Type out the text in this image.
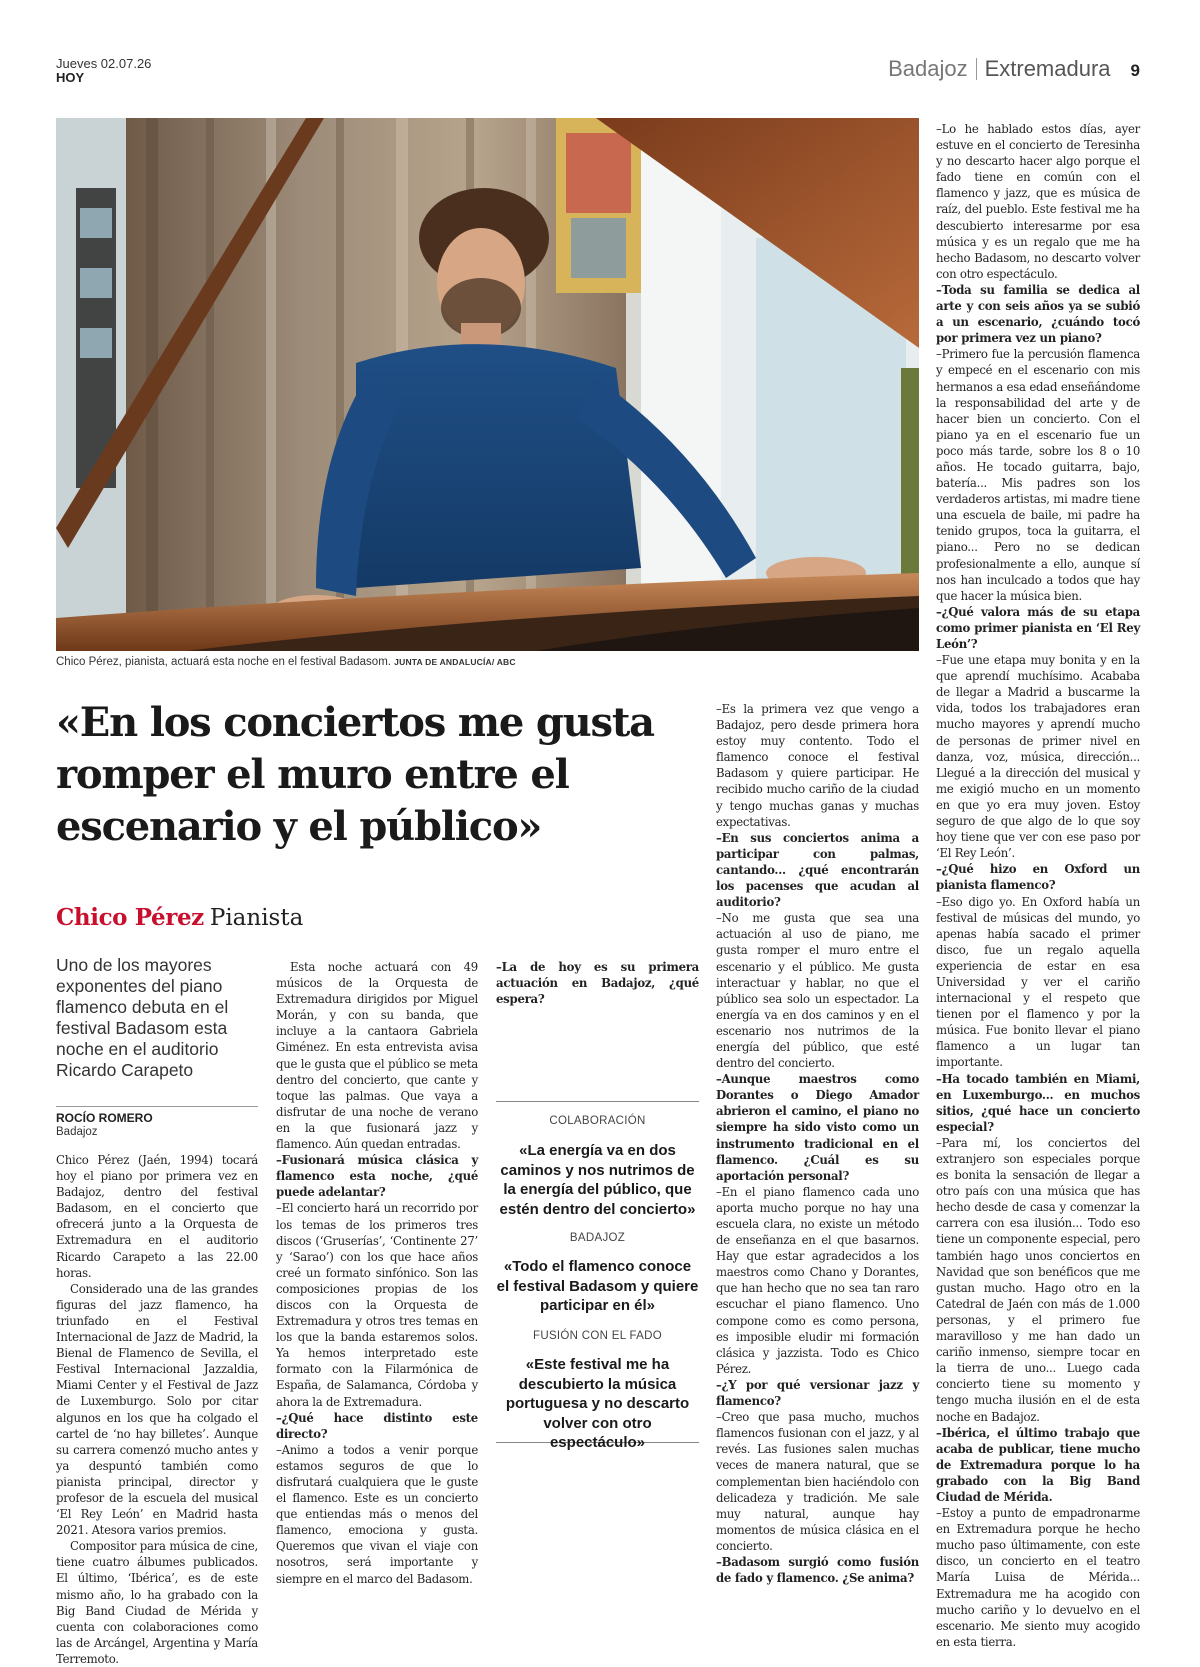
Jueves 02.07.26
HOY	Badajoz Extremadura 9
Chico Pérez, pianista, actuará esta noche en el festival Badasom. JUNTA DE ANDALUCÍA/ ABC
«En los conciertos me gusta romper el muro entre el escenario y el público»
Chico Pérez Pianista

Uno de los mayores exponentes del piano flamenco debuta en el festival Badasom esta noche en el auditorio Ricardo Carapeto

ROCÍO ROMERO
Badajoz

Chico Pérez (Jaén, 1994) tocará hoy el piano por primera vez en Badajoz, dentro del festival Badasom, en el concierto que ofrecerá junto a la Orquesta de Extremadura en el auditorio Ricardo Carapeto a las 22.00 horas.

Considerado una de las grandes figuras del jazz flamenco, ha triunfado en el Festival Internacional de Jazz de Madrid, la Bienal de Flamenco de Sevilla, el Festival Internacional Jazzaldia, Miami Center y el Festival de Jazz de Luxemburgo. Solo por citar algunos en los que ha colgado el cartel de ‘no hay billetes’. Aunque su carrera comenzó mucho antes y ya despuntó también como pianista principal, director y profesor de la escuela del musical ‘El Rey León’ en Madrid hasta 2021. Atesora varios premios.

Compositor para música de cine, tiene cuatro álbumes publicados. El último, ‘Ibérica’, es de este mismo año, lo ha grabado con la Big Band Ciudad de Mérida y cuenta con colaboraciones como las de Arcángel, Argentina y María Terremoto.

Esta noche actuará con 49 músicos de la Orquesta de Extremadura dirigidos por Miguel Morán, y con su banda, que incluye a la cantaora Gabriela Giménez. En esta entrevista avisa que le gusta que el público se meta dentro del concierto, que cante y toque las palmas. Que vaya a disfrutar de una noche de verano en la que fusionará jazz y flamenco. Aún quedan entradas.

–Fusionará música clásica y flamenco esta noche, ¿qué puede adelantar?

–El concierto hará un recorrido por los temas de los primeros tres discos (‘Gruserías’, ‘Continente 27’ y ‘Sarao’) con los que hace años creé un formato sinfónico. Son las composiciones propias de los discos con la Orquesta de Extremadura y otros tres temas en los que la banda estaremos solos. Ya hemos interpretado este formato con la Filarmónica de España, de Salamanca, Córdoba y ahora la de Extremadura.

–¿Qué hace distinto este directo?

–Animo a todos a venir porque estamos seguros de que lo disfrutará cualquiera que le guste el flamenco. Este es un concierto que entiendas más o menos del flamenco, emociona y gusta. Queremos que vivan el viaje con nosotros, será importante y siempre en el marco del Badasom.

–La de hoy es su primera actuación en Badajoz, ¿qué espera?

COLABORACIÓN

«La energía va en dos caminos y nos nutrimos de la energía del público, que estén dentro del concierto»

BADAJOZ

«Todo el flamenco conoce el festival Badasom y quiere participar en él»

FUSIÓN CON EL FADO

«Este festival me ha descubierto la música portuguesa y no descarto volver con otro espectáculo»

–Es la primera vez que vengo a Badajoz, pero desde primera hora estoy muy contento. Todo el flamenco conoce el festival Badasom y quiere participar. He recibido mucho cariño de la ciudad y tengo muchas ganas y muchas expectativas.

–En sus conciertos anima a participar con palmas, cantando... ¿qué encontrarán los pacenses que acudan al auditorio?

–No me gusta que sea una actuación al uso de piano, me gusta romper el muro entre el escenario y el público. Me gusta interactuar y hablar, no que el público sea solo un espectador. La energía va en dos caminos y en el escenario nos nutrimos de la energía del público, que esté dentro del concierto.

–Aunque maestros como Dorantes o Diego Amador abrieron el camino, el piano no siempre ha sido visto como un instrumento tradicional en el flamenco. ¿Cuál es su aportación personal?

–En el piano flamenco cada uno aporta mucho porque no hay una escuela clara, no existe un método de enseñanza en el que basarnos. Hay que estar agradecidos a los maestros como Chano y Dorantes, que han hecho que no sea tan raro escuchar el piano flamenco. Uno compone como es como persona, es imposible eludir mi formación clásica y jazzista. Todo es Chico Pérez.

–¿Y por qué versionar jazz y flamenco?

–Creo que pasa mucho, muchos flamencos fusionan con el jazz, y al revés. Las fusiones salen muchas veces de manera natural, que se complementan bien haciéndolo con delicadeza y tradición. Me sale muy natural, aunque hay momentos de música clásica en el concierto.

–Badasom surgió como fusión de fado y flamenco. ¿Se anima?

–Lo he hablado estos días, ayer estuve en el concierto de Teresinha y no descarto hacer algo porque el fado tiene en común con el flamenco y jazz, que es música de raíz, del pueblo. Este festival me ha descubierto interesarme por esa música y es un regalo que me ha hecho Badasom, no descarto volver con otro espectáculo.

–Toda su familia se dedica al arte y con seis años ya se subió a un escenario, ¿cuándo tocó por primera vez un piano?

–Primero fue la percusión flamenca y empecé en el escenario con mis hermanos a esa edad enseñándome la responsabilidad del arte y de hacer bien un concierto. Con el piano ya en el escenario fue un poco más tarde, sobre los 8 o 10 años. He tocado guitarra, bajo, batería... Mis padres son los verdaderos artistas, mi madre tiene una escuela de baile, mi padre ha tenido grupos, toca la guitarra, el piano... Pero no se dedican profesionalmente a ello, aunque sí nos han inculcado a todos que hay que hacer la música bien.

–¿Qué valora más de su etapa como primer pianista en ‘El Rey León’?

–Fue une etapa muy bonita y en la que aprendí muchísimo. Acababa de llegar a Madrid a buscarme la vida, todos los trabajadores eran mucho mayores y aprendí mucho de personas de primer nivel en danza, voz, música, dirección... Llegué a la dirección del musical y me exigió mucho en un momento en que yo era muy joven. Estoy seguro de que algo de lo que soy hoy tiene que ver con ese paso por ‘El Rey León’.

–¿Qué hizo en Oxford un pianista flamenco?

–Eso digo yo. En Oxford había un festival de músicas del mundo, yo apenas había sacado el primer disco, fue un regalo aquella experiencia de estar en esa Universidad y ver el cariño internacional y el respeto que tienen por el flamenco y por la música. Fue bonito llevar el piano flamenco a un lugar tan importante.

–Ha tocado también en Miami, en Luxemburgo... en muchos sitios, ¿qué hace un concierto especial?

–Para mí, los conciertos del extranjero son especiales porque es bonita la sensación de llegar a otro país con una música que has hecho desde de casa y comenzar la carrera con esa ilusión... Todo eso tiene un componente especial, pero también hago unos conciertos en Navidad que son benéficos que me gustan mucho. Hago otro en la Catedral de Jaén con más de 1.000 personas, y el primero fue maravilloso y me han dado un cariño inmenso, siempre tocar en la tierra de uno... Luego cada concierto tiene su momento y tengo mucha ilusión en el de esta noche en Badajoz.

–Ibérica, el último trabajo que acaba de publicar, tiene mucho de Extremadura porque lo ha grabado con la Big Band Ciudad de Mérida.

–Estoy a punto de empadronarme en Extremadura porque he hecho mucho paso últimamente, con este disco, un concierto en el teatro María Luisa de Mérida... Extremadura me ha acogido con mucho cariño y lo devuelvo en el escenario. Me siento muy acogido en esta tierra.
